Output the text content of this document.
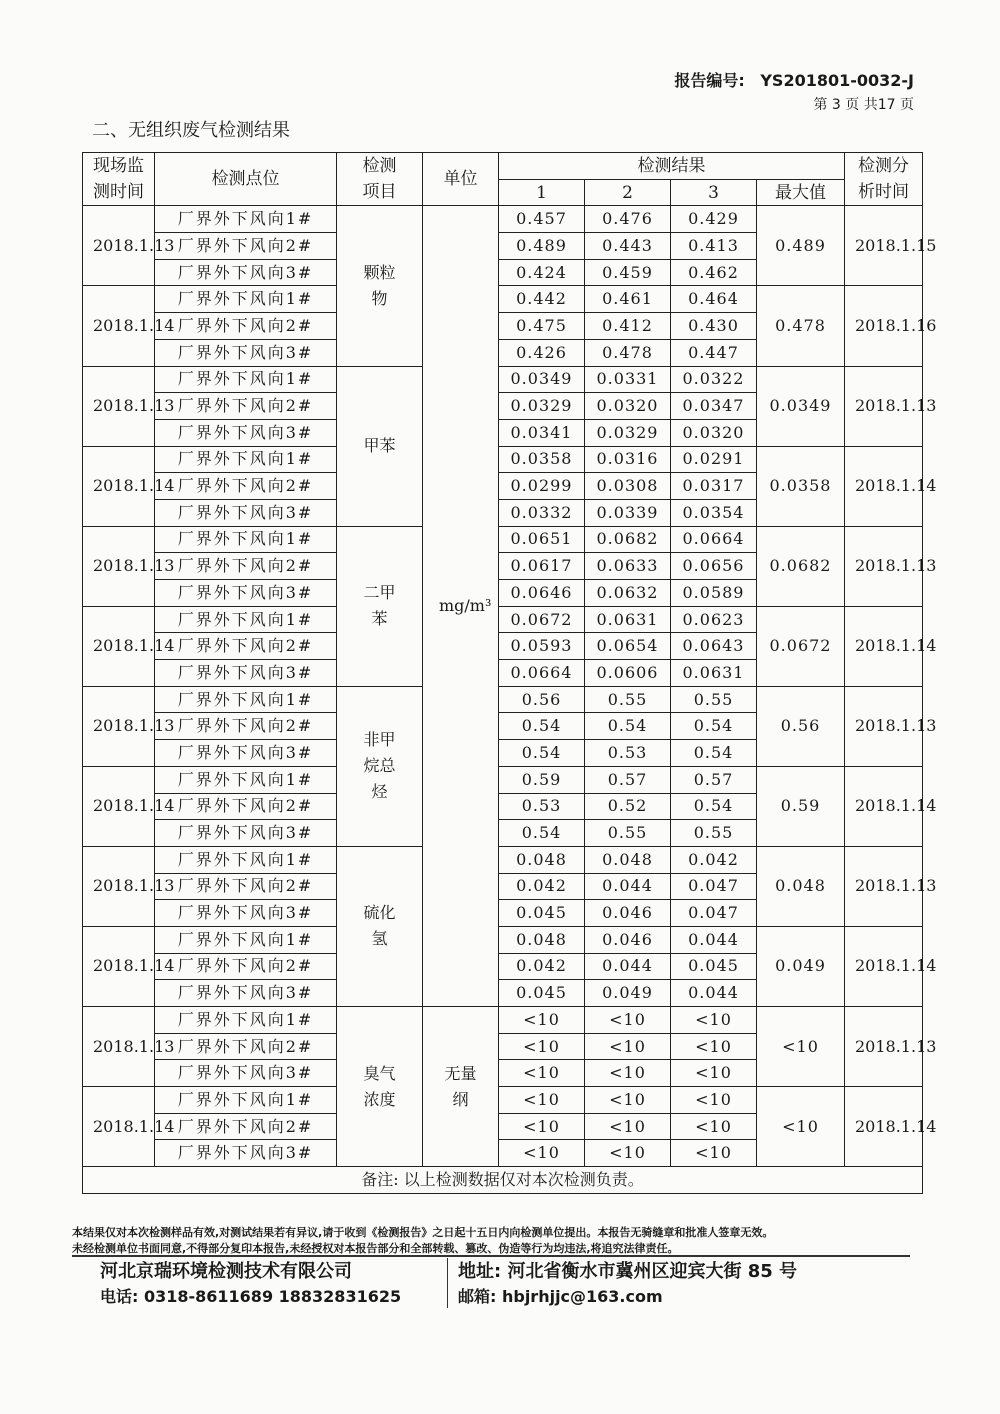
报告编号: YS201801-0032-J
第 3 页 共17 页
二、无组织废气检测结果
现场监测时间	检测点位	检测项目	单位	检测结果				检测分析时间
				1	2	3	最大值	
2018.1.13	厂界外下风向1#	颗粒物	mg/m³	0.457	0.476	0.429	0.489	2018.1.15
	厂界外下风向2#			0.489	0.443	0.413		
	厂界外下风向3#			0.424	0.459	0.462		
2018.1.14	厂界外下风向1#			0.442	0.461	0.464	0.478	2018.1.16
	厂界外下风向2#			0.475	0.412	0.430		
	厂界外下风向3#			0.426	0.478	0.447		
2018.1.13	厂界外下风向1#	甲苯		0.0349	0.0331	0.0322	0.0349	2018.1.13
	厂界外下风向2#			0.0329	0.0320	0.0347		
	厂界外下风向3#			0.0341	0.0329	0.0320		
2018.1.14	厂界外下风向1#			0.0358	0.0316	0.0291	0.0358	2018.1.14
	厂界外下风向2#			0.0299	0.0308	0.0317		
	厂界外下风向3#			0.0332	0.0339	0.0354		
2018.1.13	厂界外下风向1#	二甲苯		0.0651	0.0682	0.0664	0.0682	2018.1.13
	厂界外下风向2#			0.0617	0.0633	0.0656		
	厂界外下风向3#			0.0646	0.0632	0.0589		
2018.1.14	厂界外下风向1#			0.0672	0.0631	0.0623	0.0672	2018.1.14
	厂界外下风向2#			0.0593	0.0654	0.0643		
	厂界外下风向3#			0.0664	0.0606	0.0631		
2018.1.13	厂界外下风向1#	非甲烷总烃		0.56	0.55	0.55	0.56	2018.1.13
	厂界外下风向2#			0.54	0.54	0.54		
	厂界外下风向3#			0.54	0.53	0.54		
2018.1.14	厂界外下风向1#			0.59	0.57	0.57	0.59	2018.1.14
	厂界外下风向2#			0.53	0.52	0.54		
	厂界外下风向3#			0.54	0.55	0.55		
2018.1.13	厂界外下风向1#	硫化氢		0.048	0.048	0.042	0.048	2018.1.13
	厂界外下风向2#			0.042	0.044	0.047		
	厂界外下风向3#			0.045	0.046	0.047		
2018.1.14	厂界外下风向1#			0.048	0.046	0.044	0.049	2018.1.14
	厂界外下风向2#			0.042	0.044	0.045		
	厂界外下风向3#			0.045	0.049	0.044		
2018.1.13	厂界外下风向1#	臭气浓度	无量纲	<10	<10	<10	<10	2018.1.13
	厂界外下风向2#			<10	<10	<10		
	厂界外下风向3#			<10	<10	<10		
2018.1.14	厂界外下风向1#			<10	<10	<10	<10	2018.1.14
	厂界外下风向2#			<10	<10	<10		
	厂界外下风向3#			<10	<10	<10		
备注: 以上检测数据仅对本次检测负责。								
本结果仅对本次检测样品有效,对测试结果若有异议,请于收到《检测报告》之日起十五日内向检测单位提出。本报告无骑缝章和批准人签章无效。
未经检测单位书面同意,不得部分复印本报告,未经授权对本报告部分和全部转载、篡改、伪造等行为均违法,将追究法律责任。
河北京瑞环境检测技术有限公司
电话: 0318-8611689 18832831625
地址: 河北省衡水市冀州区迎宾大街 85 号
邮箱: hbjrhjjc@163.com
